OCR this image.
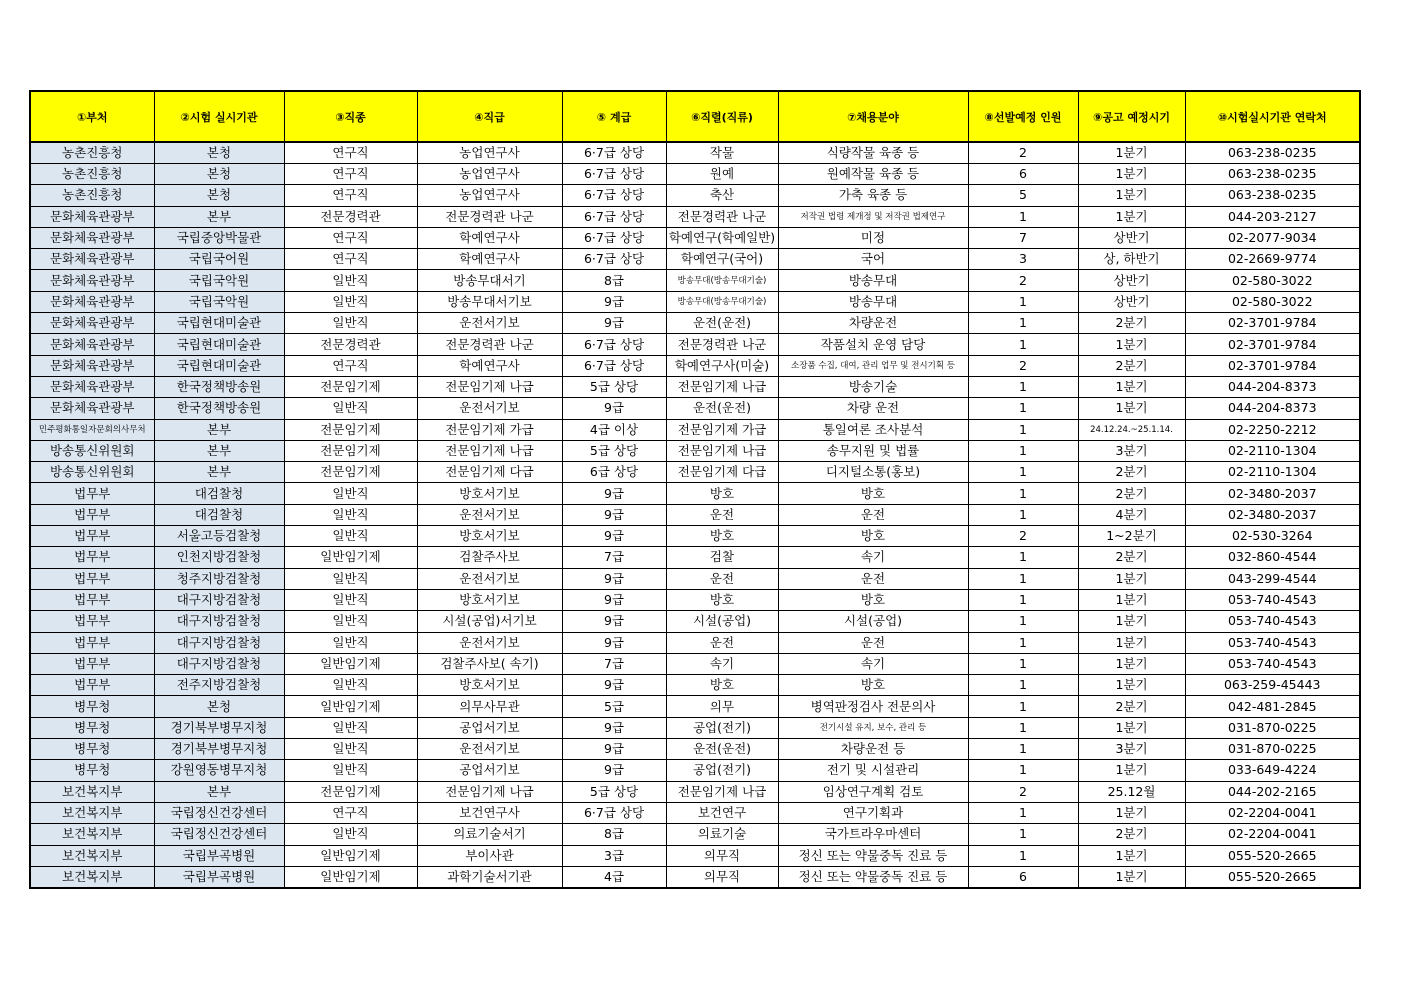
①부처	②시험 실시기관	③직종	④직급	⑤ 계급	⑥직렬(직류)	⑦채용분야	⑧선발예정 인원	⑨공고 예정시기	⑩시험실시기관 연락처
농촌진흥청	본청	연구직	농업연구사	6·7급 상당	작물	식량작물 육종 등	2	1분기	063-238-0235
농촌진흥청	본청	연구직	농업연구사	6·7급 상당	원예	원예작물 육종 등	6	1분기	063-238-0235
농촌진흥청	본청	연구직	농업연구사	6·7급 상당	축산	가축 육종 등	5	1분기	063-238-0235
문화체육관광부	본부	전문경력관	전문경력관 나군	6·7급 상당	전문경력관 나군	저작권 법령 제개정 및 저작권 법제연구	1	1분기	044-203-2127
문화체육관광부	국립중앙박물관	연구직	학예연구사	6·7급 상당	학예연구(학예일반)	미정	7	상반기	02-2077-9034
문화체육관광부	국립국어원	연구직	학예연구사	6·7급 상당	학예연구(국어)	국어	3	상, 하반기	02-2669-9774
문화체육관광부	국립국악원	일반직	방송무대서기	8급	방송무대(방송무대기술)	방송무대	2	상반기	02-580-3022
문화체육관광부	국립국악원	일반직	방송무대서기보	9급	방송무대(방송무대기술)	방송무대	1	상반기	02-580-3022
문화체육관광부	국립현대미술관	일반직	운전서기보	9급	운전(운전)	차량운전	1	2분기	02-3701-9784
문화체육관광부	국립현대미술관	전문경력관	전문경력관 나군	6·7급 상당	전문경력관 나군	작품설치 운영 담당	1	1분기	02-3701-9784
문화체육관광부	국립현대미술관	연구직	학예연구사	6·7급 상당	학예연구사(미술)	소장품 수집, 대여, 관리 업무 및 전시기획 등	2	2분기	02-3701-9784
문화체육관광부	한국정책방송원	전문임기제	전문임기제 나급	5급 상당	전문임기제 나급	방송기술	1	1분기	044-204-8373
문화체육관광부	한국정책방송원	일반직	운전서기보	9급	운전(운전)	차량 운전	1	1분기	044-204-8373
민주평화통일자문회의사무처	본부	전문임기제	전문임기제 가급	4급 이상	전문임기제 가급	통일여론 조사분석	1	24.12.24.~25.1.14.	02-2250-2212
방송통신위원회	본부	전문임기제	전문임기제 나급	5급 상당	전문임기제 나급	송무지원 및 법률	1	3분기	02-2110-1304
방송통신위원회	본부	전문임기제	전문임기제 다급	6급 상당	전문임기제 다급	디지털소통(홍보)	1	2분기	02-2110-1304
법무부	대검찰청	일반직	방호서기보	9급	방호	방호	1	2분기	02-3480-2037
법무부	대검찰청	일반직	운전서기보	9급	운전	운전	1	4분기	02-3480-2037
법무부	서울고등검찰청	일반직	방호서기보	9급	방호	방호	2	1~2분기	02-530-3264
법무부	인천지방검찰청	일반임기제	검찰주사보	7급	검찰	속기	1	2분기	032-860-4544
법무부	청주지방검찰청	일반직	운전서기보	9급	운전	운전	1	1분기	043-299-4544
법무부	대구지방검찰청	일반직	방호서기보	9급	방호	방호	1	1분기	053-740-4543
법무부	대구지방검찰청	일반직	시설(공업)서기보	9급	시설(공업)	시설(공업)	1	1분기	053-740-4543
법무부	대구지방검찰청	일반직	운전서기보	9급	운전	운전	1	1분기	053-740-4543
법무부	대구지방검찰청	일반임기제	검찰주사보( 속기)	7급	속기	속기	1	1분기	053-740-4543
법무부	전주지방검찰청	일반직	방호서기보	9급	방호	방호	1	1분기	063-259-45443
병무청	본청	일반임기제	의무사무관	5급	의무	병역판정검사 전문의사	1	2분기	042-481-2845
병무청	경기북부병무지청	일반직	공업서기보	9급	공업(전기)	전기시설 유지, 보수, 관리 등	1	1분기	031-870-0225
병무청	경기북부병무지청	일반직	운전서기보	9급	운전(운전)	차량운전 등	1	3분기	031-870-0225
병무청	강원영동병무지청	일반직	공업서기보	9급	공업(전기)	전기 및 시설관리	1	1분기	033-649-4224
보건복지부	본부	전문임기제	전문임기제 나급	5급 상당	전문임기제 나급	임상연구계획 검토	2	25.12월	044-202-2165
보건복지부	국립정신건강센터	연구직	보건연구사	6·7급 상당	보건연구	연구기획과	1	1분기	02-2204-0041
보건복지부	국립정신건강센터	일반직	의료기술서기	8급	의료기술	국가트라우마센터	1	2분기	02-2204-0041
보건복지부	국립부곡병원	일반임기제	부이사관	3급	의무직	정신 또는 약물중독 진료 등	1	1분기	055-520-2665
보건복지부	국립부곡병원	일반임기제	과학기술서기관	4급	의무직	정신 또는 약물중독 진료 등	6	1분기	055-520-2665
